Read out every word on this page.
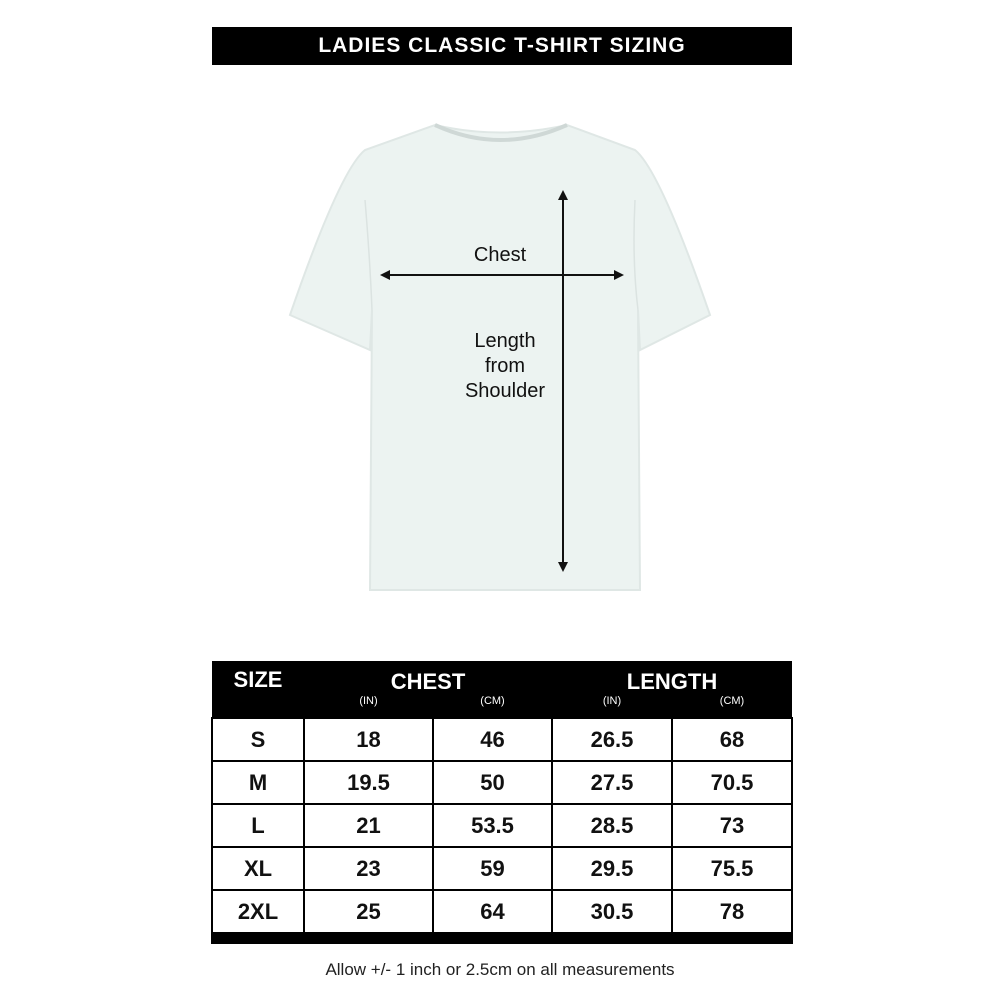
LADIES CLASSIC T-SHIRT SIZING
Chest
Length
from
Shoulder
SIZE	CHEST		LENGTH	
	(IN)	(CM)	(IN)	(CM)
S	18	46	26.5	68
M	19.5	50	27.5	70.5
L	21	53.5	28.5	73
XL	23	59	29.5	75.5
2XL	25	64	30.5	78
Allow +/- 1 inch or 2.5cm on all measurements
